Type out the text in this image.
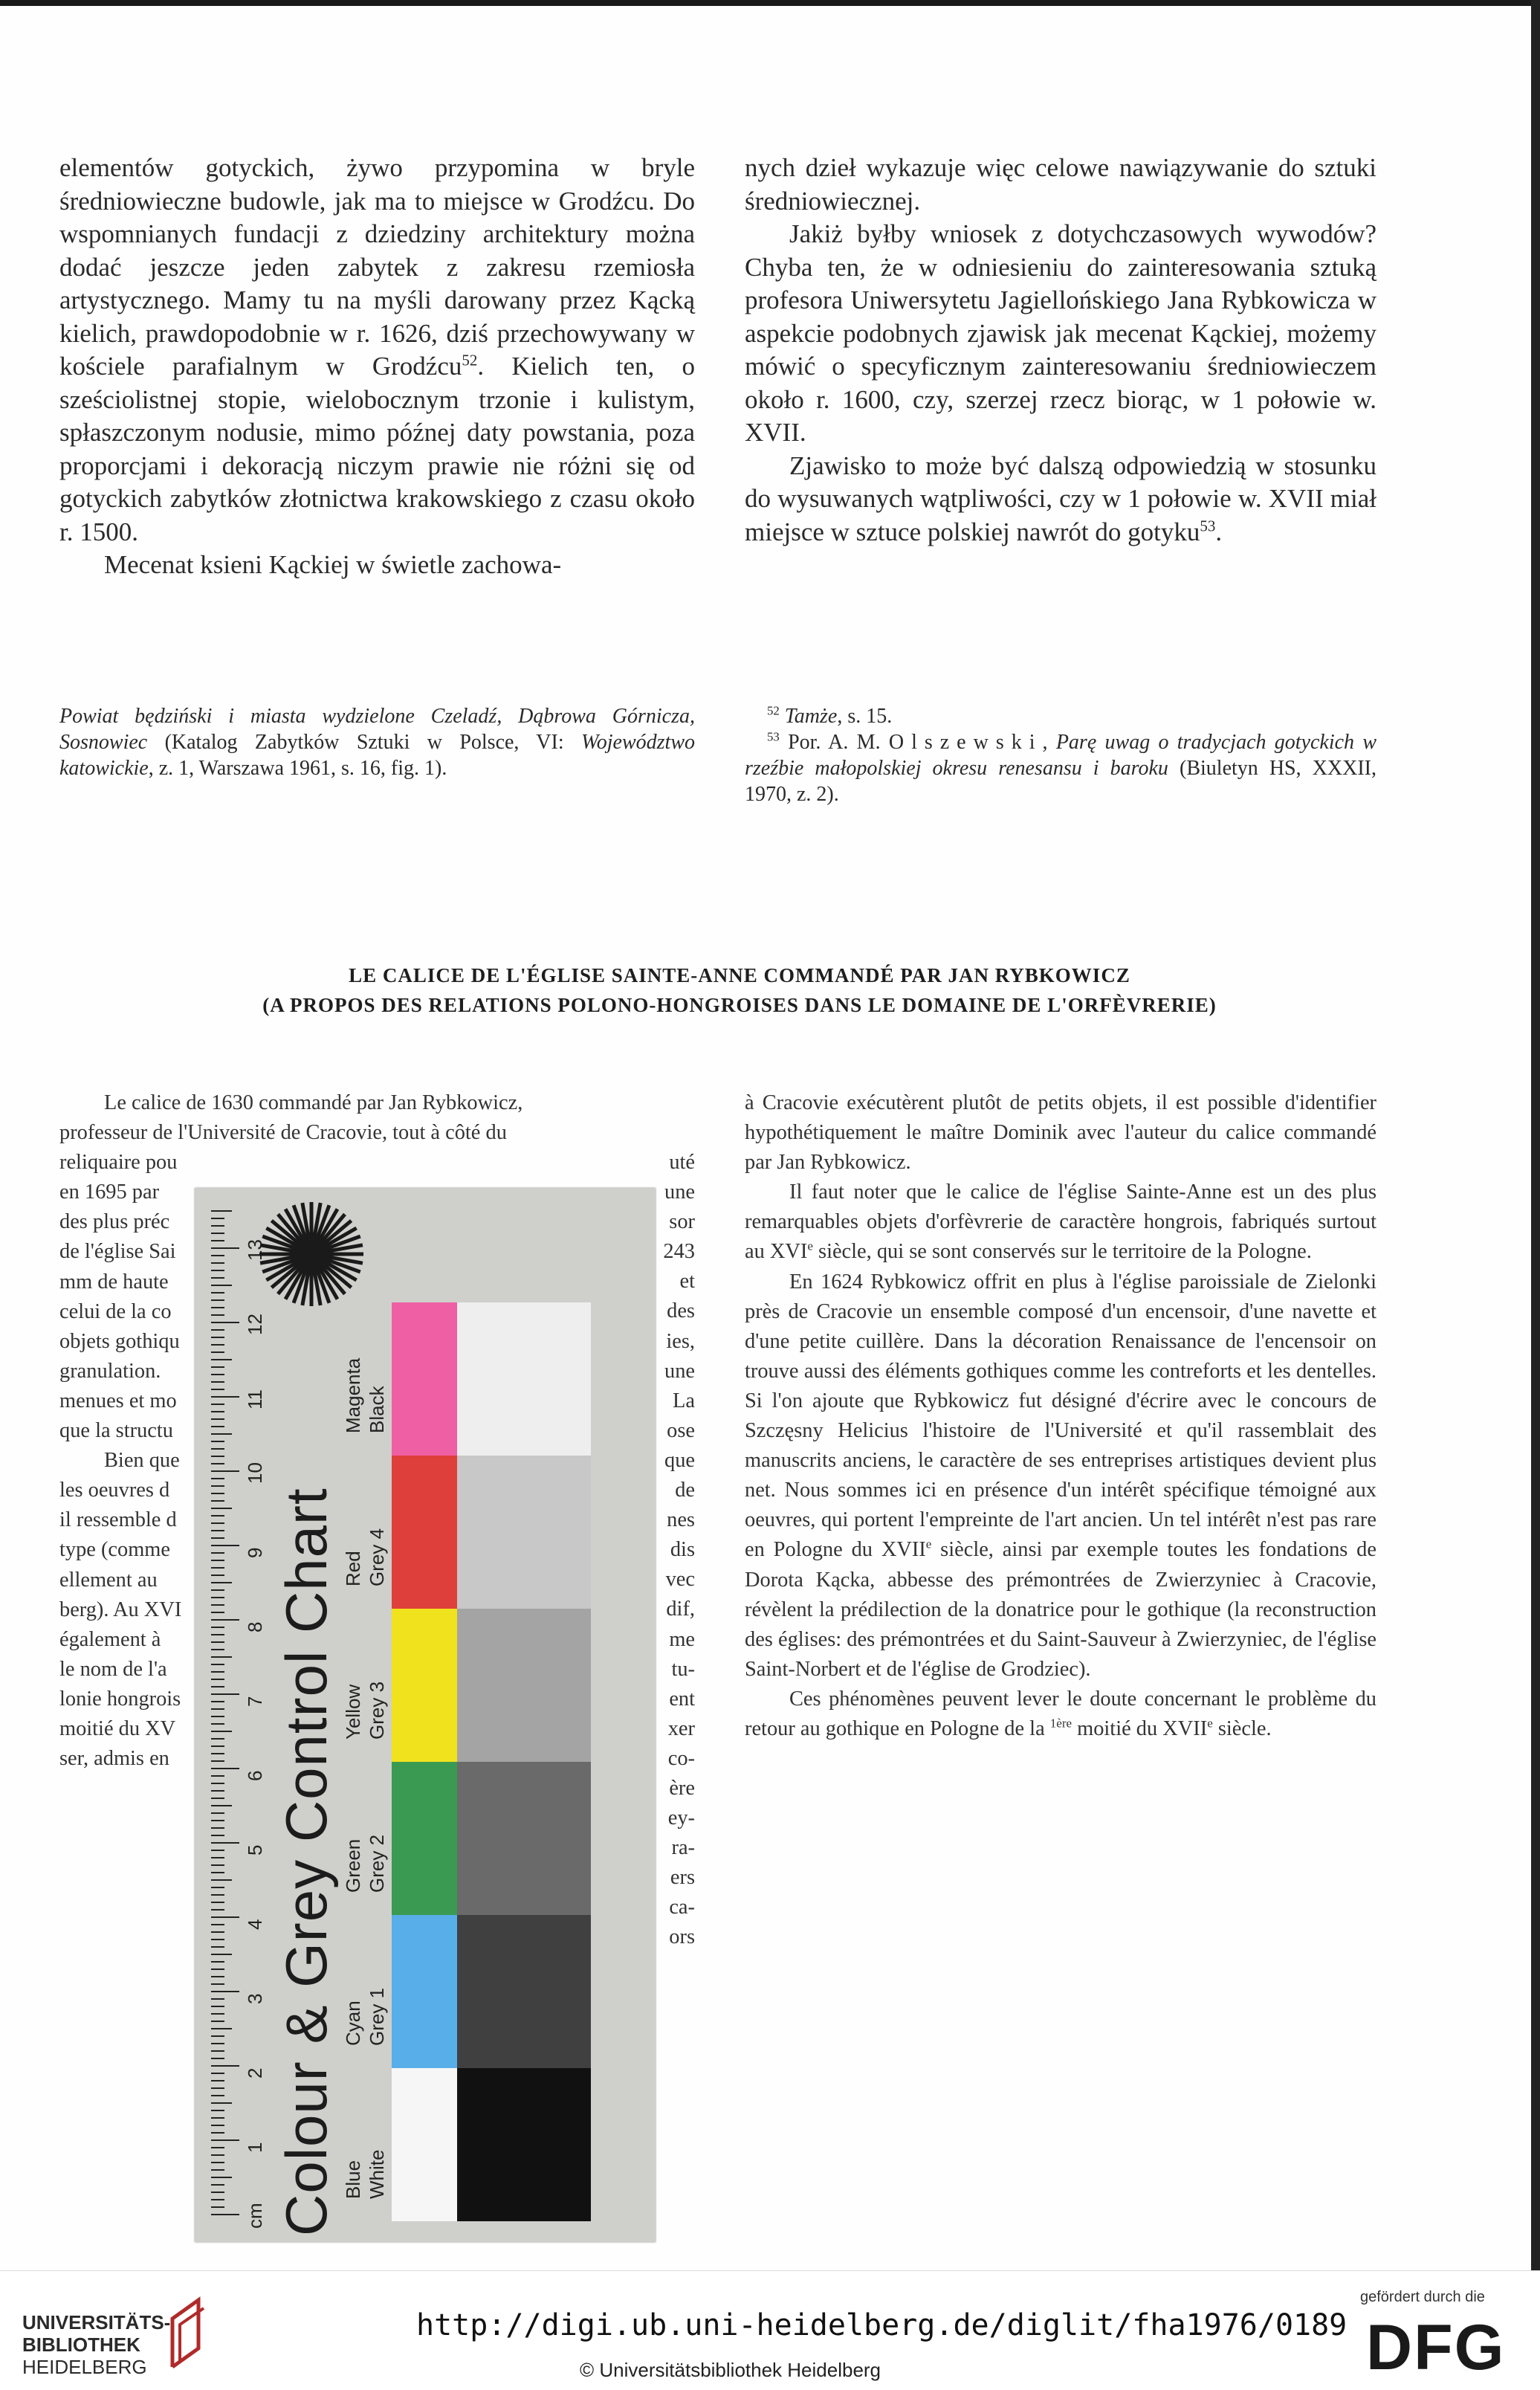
elementów gotyckich, żywo przypomina w bryle średniowieczne budowle, jak ma to miejsce w Grodźcu. Do wspomnianych fundacji z dziedziny architektury można dodać jeszcze jeden zabytek z zakresu rzemiosła artystycznego. Mamy tu na myśli darowany przez Kącką kielich, prawdopodobnie w r. 1626, dziś przechowywany w kościele parafialnym w Grodźcu$^{52}$. Kielich ten, o sześciolistnej stopie, wielobocznym trzonie i kulistym, spłaszczonym nodusie, mimo późnej daty powstania, poza proporcjami i dekoracją niczym prawie nie różni się od gotyckich zabytków złotnictwa krakowskiego z czasu około r. 1500.

Mecenat ksieni Kąckiej w świetle zachowa-

nych dzieł wykazuje więc celowe nawiązywanie do sztuki średniowiecznej.

Jakiż byłby wniosek z dotychczasowych wywodów? Chyba ten, że w odniesieniu do zainteresowania sztuką profesora Uniwersytetu Jagiellońskiego Jana Rybkowicza w aspekcie podobnych zjawisk jak mecenat Kąckiej, możemy mówić o specyficznym zainteresowaniu średniowieczem około r. 1600, czy, szerzej rzecz biorąc, w 1 połowie w. XVII.

Zjawisko to może być dalszą odpowiedzią w stosunku do wysuwanych wątpliwości, czy w 1 połowie w. XVII miał miejsce w sztuce polskiej nawrót do gotyku$^{53}$.

Powiat będziński i miasta wydzielone Czeladź, Dąbrowa Górnicza, Sosnowiec (Katalog Zabytków Sztuki w Polsce, VI: Województwo katowickie, z. 1, Warszawa 1961, s. 16, fig. 1).

$^{52}$ Tamże, s. 15.

$^{53}$ Por. A. M. Olszewski, Parę uwag o tradycjach gotyckich w rzeźbie małopolskiej okresu renesansu i baroku (Biuletyn HS, XXXII, 1970, z. 2).

LE CALICE DE L'ÉGLISE SAINTE-ANNE COMMANDÉ PAR JAN RYBKOWICZ
(A PROPOS DES RELATIONS POLONO-HONGROISES DANS LE DOMAINE DE L'ORFÈVRERIE)
Le calice de 1630 commandé par Jan Rybkowicz,
professeur de l'Université de Cracovie, tout à côté du
reliquaire pou
en 1695 par
des plus préc
de l'église Sai
mm de haute
celui de la co
objets gothiqu
granulation.
menues et mo
que la structu
Bien que
les oeuvres d
il ressemble d
type (comme
ellement au
berg). Au XVI
également à
le nom de l'a
lonie hongrois
moitié du XV
ser, admis en
uté
une
sor
243
et
des
ies,
une
La
ose
que
de
nes
dis
vec
dif,
me
tu-
ent
xer
co-
ère
ey-
ra-
ers
ca-
ors

à Cracovie exécutèrent plutôt de petits objets, il est possible d'identifier hypothétiquement le maître Dominik avec l'auteur du calice commandé par Jan Rybkowicz.

Il faut noter que le calice de l'église Sainte-Anne est un des plus remarquables objets d'orfèvrerie de caractère hongrois, fabriqués surtout au XVIe siècle, qui se sont conservés sur le territoire de la Pologne.

En 1624 Rybkowicz offrit en plus à l'église paroissiale de Zielonki près de Cracovie un ensemble composé d'un encensoir, d'une navette et d'une petite cuillère. Dans la décoration Renaissance de l'encensoir on trouve aussi des éléments gothiques comme les contreforts et les dentelles. Si l'on ajoute que Rybkowicz fut désigné d'écrire avec le concours de Szczęsny Helicius l'histoire de l'Université et qu'il rassemblait des manuscrits anciens, le caractère de ses entreprises artistiques devient plus net. Nous sommes ici en présence d'un intérêt spécifique témoigné aux oeuvres, qui portent l'empreinte de l'art ancien. Un tel intérêt n'est pas rare en Pologne du XVIIe siècle, ainsi par exemple toutes les fondations de Dorota Kącka, abbesse des prémontrées de Zwierzyniec à Cracovie, révèlent la prédilection de la donatrice pour le gothique (la reconstruction des églises: des prémontrées et du Saint-Sauveur à Zwierzyniec, de l'église Saint-Norbert et de l'église de Grodziec).

Ces phénomènes peuvent lever le doute concernant le problème du retour au gothique en Pologne de la $^{1ère}$ moitié du XVIIe siècle.

cm
1
2
3
4
5
6
7
8
9
10
11
12
13
Colour & Grey Control Chart Blue White
Cyan Grey 1
Green Grey 2
Yellow Grey 3
Red Grey 4
Magenta Black
UNIVERSITÄTS-
BIBLIOTHEK
HEIDELBERG
http://digi.ub.uni-heidelberg.de/diglit/fha1976/0189
© Universitätsbibliothek Heidelberg
gefördert durch die
DFG
